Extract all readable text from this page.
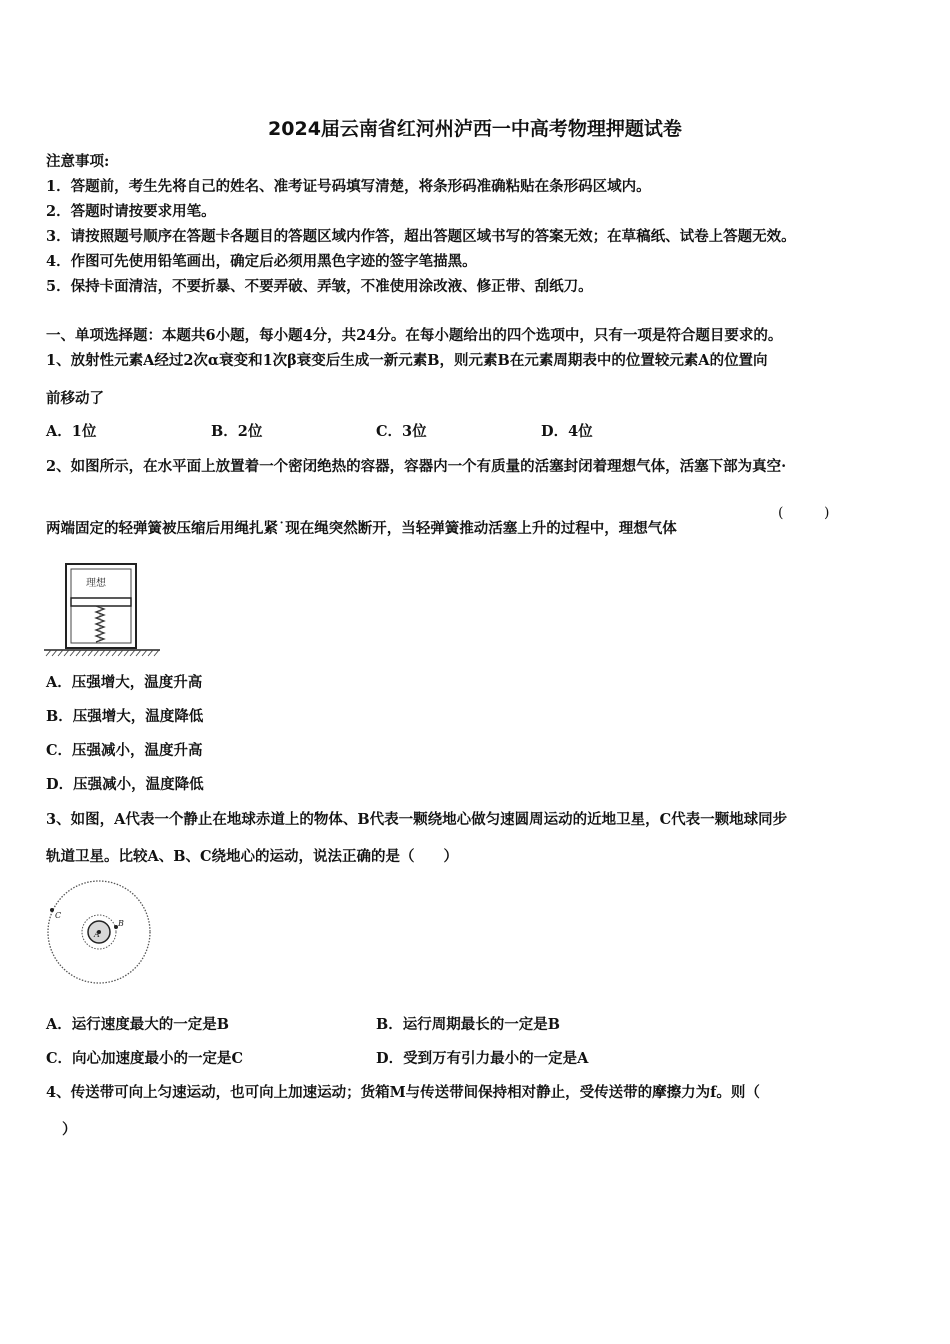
2024届云南省红河州泸西一中高考物理押题试卷
注意事项:
1．答题前，考生先将自己的姓名、准考证号码填写清楚，将条形码准确粘贴在条形码区域内。
2．答题时请按要求用笔。
3．请按照题号顺序在答题卡各题目的答题区域内作答，超出答题区域书写的答案无效；在草稿纸、试卷上答题无效。
4．作图可先使用铅笔画出，确定后必须用黑色字迹的签字笔描黑。
5．保持卡面清洁，不要折暴、不要弄破、弄皱，不准使用涂改液、修正带、刮纸刀。
一、单项选择题：本题共6小题，每小题4分，共24分。在每小题给出的四个选项中，只有一项是符合题目要求的。
1、放射性元素A经过2次α衰变和1次β衰变后生成一新元素B，则元素B在元素周期表中的位置较元素A的位置向
前移动了
A．1位	B．2位	C．3位	D．4位
2、如图所示，在水平面上放置着一个密闭绝热的容器，容器内一个有质量的活塞封闭着理想气体，活塞下部为真空·
两端固定的轻弹簧被压缩后用绳扎紧˙现在绳突然断开，当轻弹簧推动活塞上升的过程中，理想气体
(	)
理想
A．压强增大，温度升高
B．压强增大，温度降低
C．压强减小，温度升高
D．压强减小，温度降低
3、如图，A代表一个静止在地球赤道上的物体、B代表一颗绕地心做匀速圆周运动的近地卫星，C代表一颗地球同步
轨道卫星。比较A、B、C绕地心的运动，说法正确的是（　　）
A
B
C
A．运行速度最大的一定是B	B．运行周期最长的一定是B
C．向心加速度最小的一定是C	D．受到万有引力最小的一定是A
4、传送带可向上匀速运动，也可向上加速运动；货箱M与传送带间保持相对静止，受传送带的摩擦力为f。则（
）
